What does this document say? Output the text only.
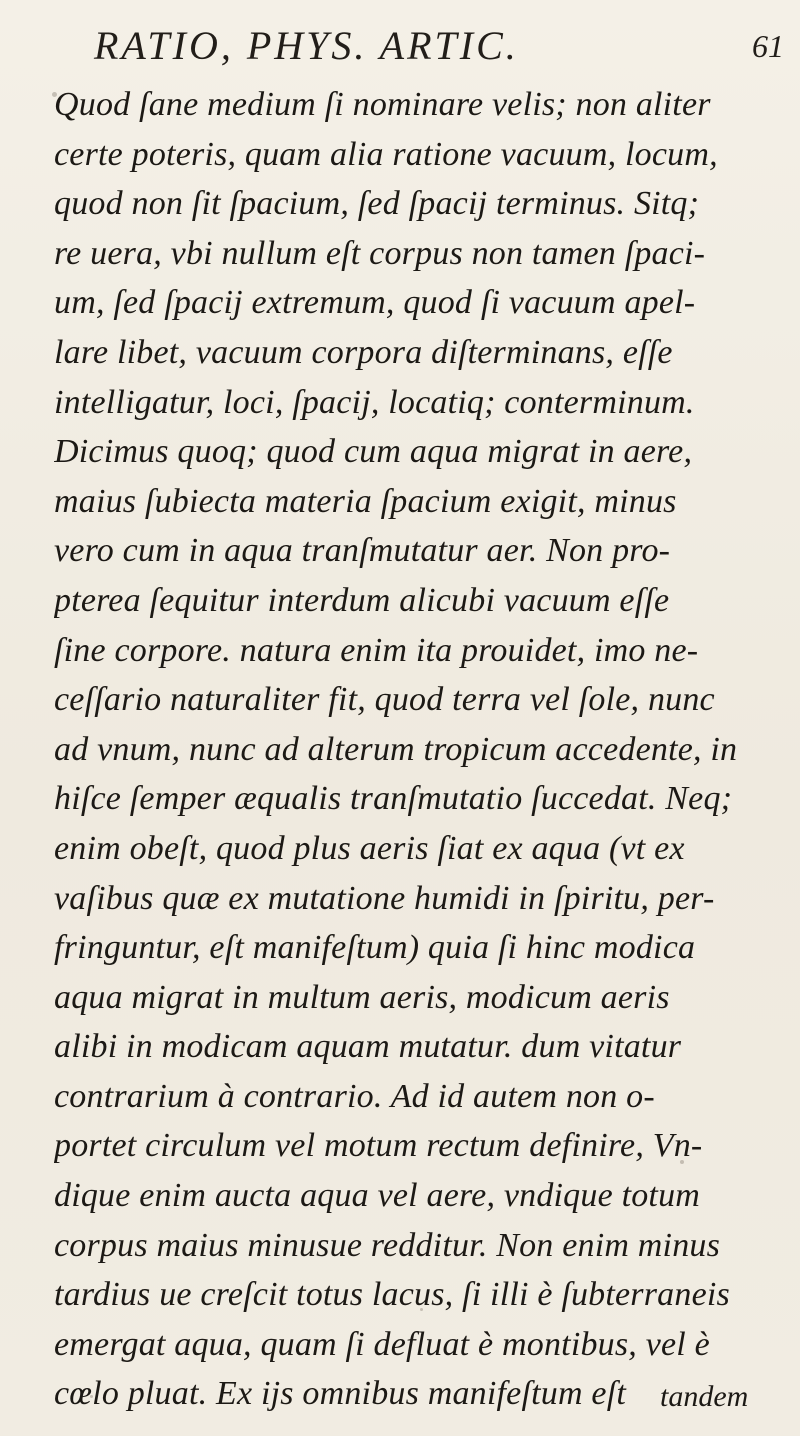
RATIO, PHYS. ARTIC.	61
Quod ſane medium ſi nominare velis; non aliter
certe poteris, quam alia ratione vacuum, locum,
quod non ſit ſpacium, ſed ſpacij terminus. Sitq;
re uera, vbi nullum eſt corpus non tamen ſpaci-
um, ſed ſpacij extremum, quod ſi vacuum apel-
lare libet, vacuum corpora diſterminans, eſſe
intelligatur, loci, ſpacij, locatiq; conterminum.
Dicimus quoq; quod cum aqua migrat in aere,
maius ſubiecta materia ſpacium exigit, minus
vero cum in aqua tranſmutatur aer. Non pro-
pterea ſequitur interdum alicubi vacuum eſſe
ſine corpore. natura enim ita prouidet, imo ne-
ceſſario naturaliter fit, quod terra vel ſole, nunc
ad vnum, nunc ad alterum tropicum accedente, in
hiſce ſemper æqualis tranſmutatio ſuccedat. Neq;
enim obeſt, quod plus aeris ſiat ex aqua (vt ex
vaſibus quæ ex mutatione humidi in ſpiritu, per-
fringuntur, eſt manifeſtum) quia ſi hinc modica
aqua migrat in multum aeris, modicum aeris
alibi in modicam aquam mutatur. dum vitatur
contrarium à contrario. Ad id autem non o-
portet circulum vel motum rectum definire, Vn-
dique enim aucta aqua vel aere, vndique totum
corpus maius minusue redditur. Non enim minus
tardius ue creſcit totus lacus, ſi illi è ſubterraneis
emergat aqua, quam ſi defluat è montibus, vel è
cœlo pluat. Ex ijs omnibus manifeſtum eſt	tandem
